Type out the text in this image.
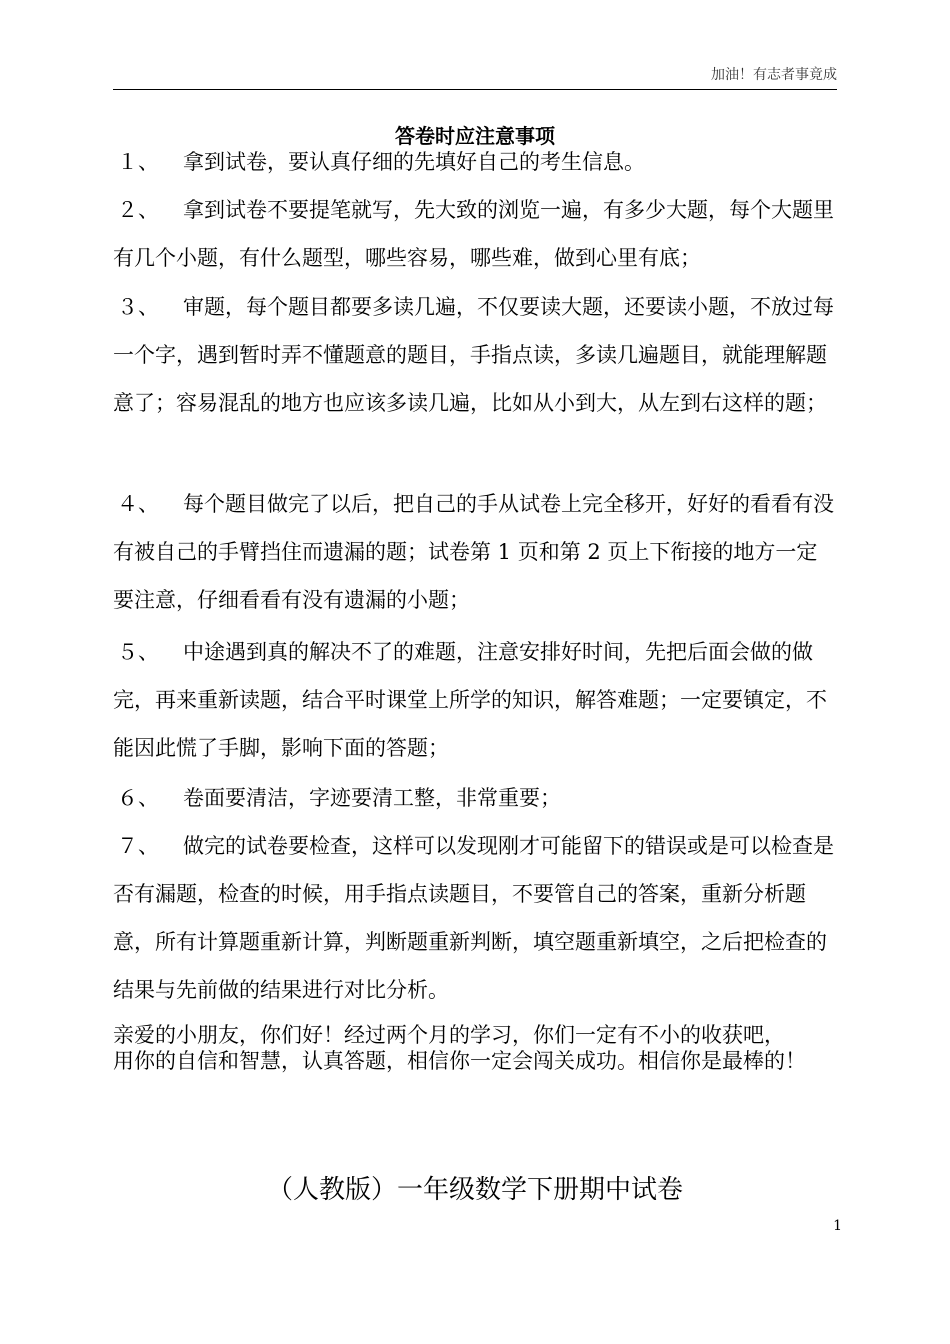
加油！有志者事竟成
答卷时应注意事项

１、 拿到试卷，要认真仔细的先填好自己的考生信息。

２、 拿到试卷不要提笔就写，先大致的浏览一遍，有多少大题，每个大题里有几个小题，有什么题型，哪些容易，哪些难，做到心里有底；

３、 审题，每个题目都要多读几遍，不仅要读大题，还要读小题，不放过每一个字，遇到暂时弄不懂题意的题目，手指点读，多读几遍题目，就能理解题意了；容易混乱的地方也应该多读几遍，比如从小到大，从左到右这样的题；

４、 每个题目做完了以后，把自己的手从试卷上完全移开，好好的看看有没有被自己的手臂挡住而遗漏的题；试卷第 1 页和第 2 页上下衔接的地方一定要注意，仔细看看有没有遗漏的小题；

５、 中途遇到真的解决不了的难题，注意安排好时间，先把后面会做的做完，再来重新读题，结合平时课堂上所学的知识，解答难题；一定要镇定，不能因此慌了手脚，影响下面的答题；

６、 卷面要清洁，字迹要清工整，非常重要；

７、 做完的试卷要检查，这样可以发现刚才可能留下的错误或是可以检查是否有漏题，检查的时候，用手指点读题目，不要管自己的答案，重新分析题意，所有计算题重新计算，判断题重新判断，填空题重新填空，之后把检查的结果与先前做的结果进行对比分析。

亲爱的小朋友，你们好！经过两个月的学习，你们一定有不小的收获吧，
用你的自信和智慧，认真答题，相信你一定会闯关成功。相信你是最棒的！
（人教版）一年级数学下册期中试卷
1
